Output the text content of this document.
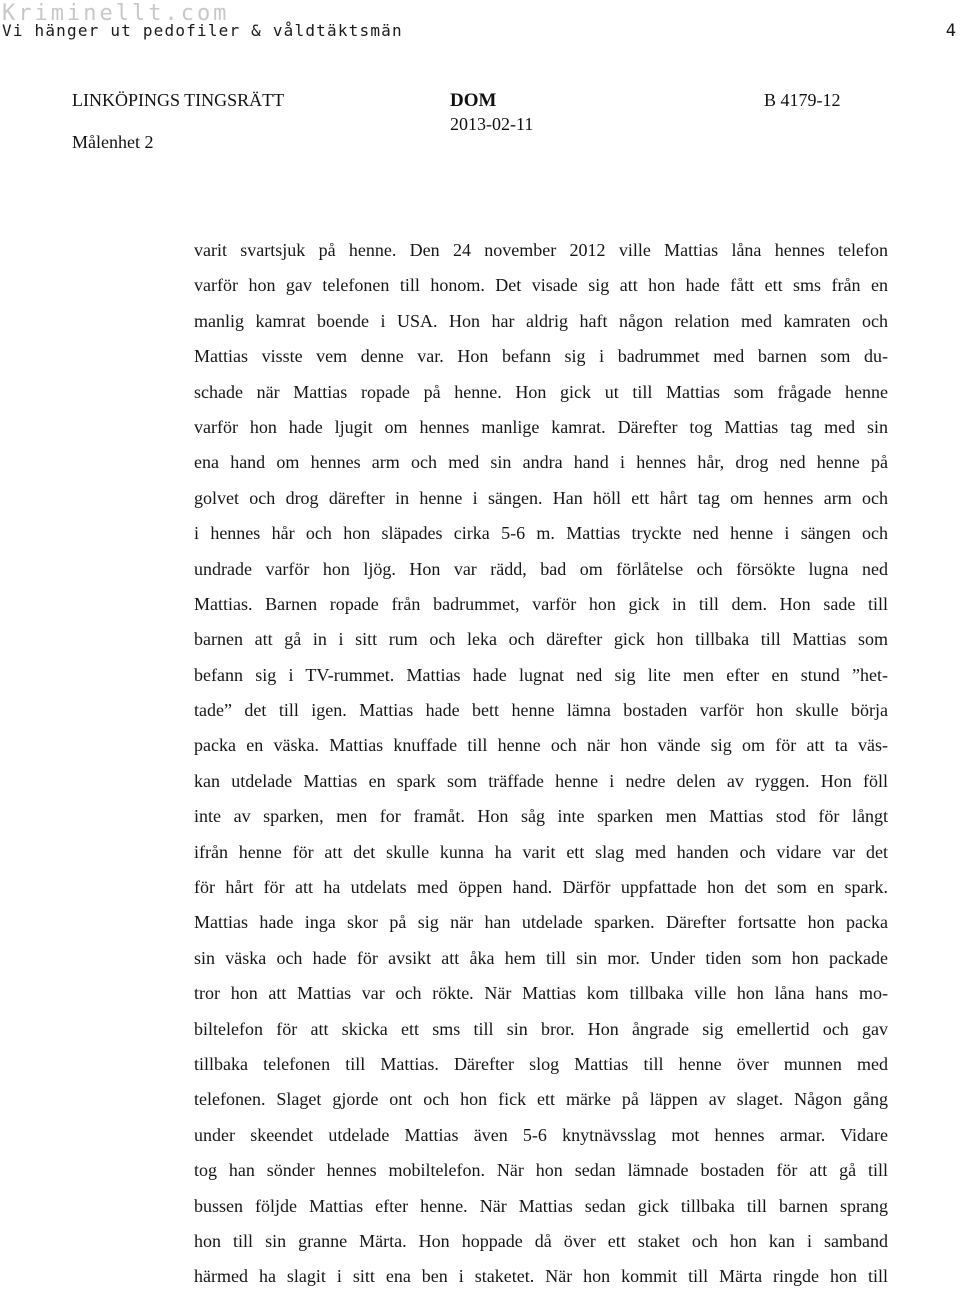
Kriminellt.com
Vi hänger ut pedofiler & våldtäktsmän	4
LINKÖPINGS TINGSRÄTT
Målenhet 2
DOM
2013-02-11
B 4179-12
varit svartsjuk på henne. Den 24 november 2012 ville Mattias låna hennes telefon
varför hon gav telefonen till honom. Det visade sig att hon hade fått ett sms från en
manlig kamrat boende i USA. Hon har aldrig haft någon relation med kamraten och
Mattias visste vem denne var. Hon befann sig i badrummet med barnen som du-
schade när Mattias ropade på henne. Hon gick ut till Mattias som frågade henne
varför hon hade ljugit om hennes manlige kamrat. Därefter tog Mattias tag med sin
ena hand om hennes arm och med sin andra hand i hennes hår, drog ned henne på
golvet och drog därefter in henne i sängen. Han höll ett hårt tag om hennes arm och
i hennes hår och hon släpades cirka 5-6 m. Mattias tryckte ned henne i sängen och
undrade varför hon ljög. Hon var rädd, bad om förlåtelse och försökte lugna ned
Mattias. Barnen ropade från badrummet, varför hon gick in till dem. Hon sade till
barnen att gå in i sitt rum och leka och därefter gick hon tillbaka till Mattias som
befann sig i TV-rummet. Mattias hade lugnat ned sig lite men efter en stund ”het-
tade” det till igen. Mattias hade bett henne lämna bostaden varför hon skulle börja
packa en väska. Mattias knuffade till henne och när hon vände sig om för att ta väs-
kan utdelade Mattias en spark som träffade henne i nedre delen av ryggen. Hon föll
inte av sparken, men for framåt. Hon såg inte sparken men Mattias stod för långt
ifrån henne för att det skulle kunna ha varit ett slag med handen och vidare var det
för hårt för att ha utdelats med öppen hand. Därför uppfattade hon det som en spark.
Mattias hade inga skor på sig när han utdelade sparken. Därefter fortsatte hon packa
sin väska och hade för avsikt att åka hem till sin mor. Under tiden som hon packade
tror hon att Mattias var och rökte. När Mattias kom tillbaka ville hon låna hans mo-
biltelefon för att skicka ett sms till sin bror. Hon ångrade sig emellertid och gav
tillbaka telefonen till Mattias. Därefter slog Mattias till henne över munnen med
telefonen. Slaget gjorde ont och hon fick ett märke på läppen av slaget. Någon gång
under skeendet utdelade Mattias även 5-6 knytnävsslag mot hennes armar. Vidare
tog han sönder hennes mobiltelefon. När hon sedan lämnade bostaden för att gå till
bussen följde Mattias efter henne. När Mattias sedan gick tillbaka till barnen sprang
hon till sin granne Märta. Hon hoppade då över ett staket och hon kan i samband
härmed ha slagit i sitt ena ben i staketet. När hon kommit till Märta ringde hon till
